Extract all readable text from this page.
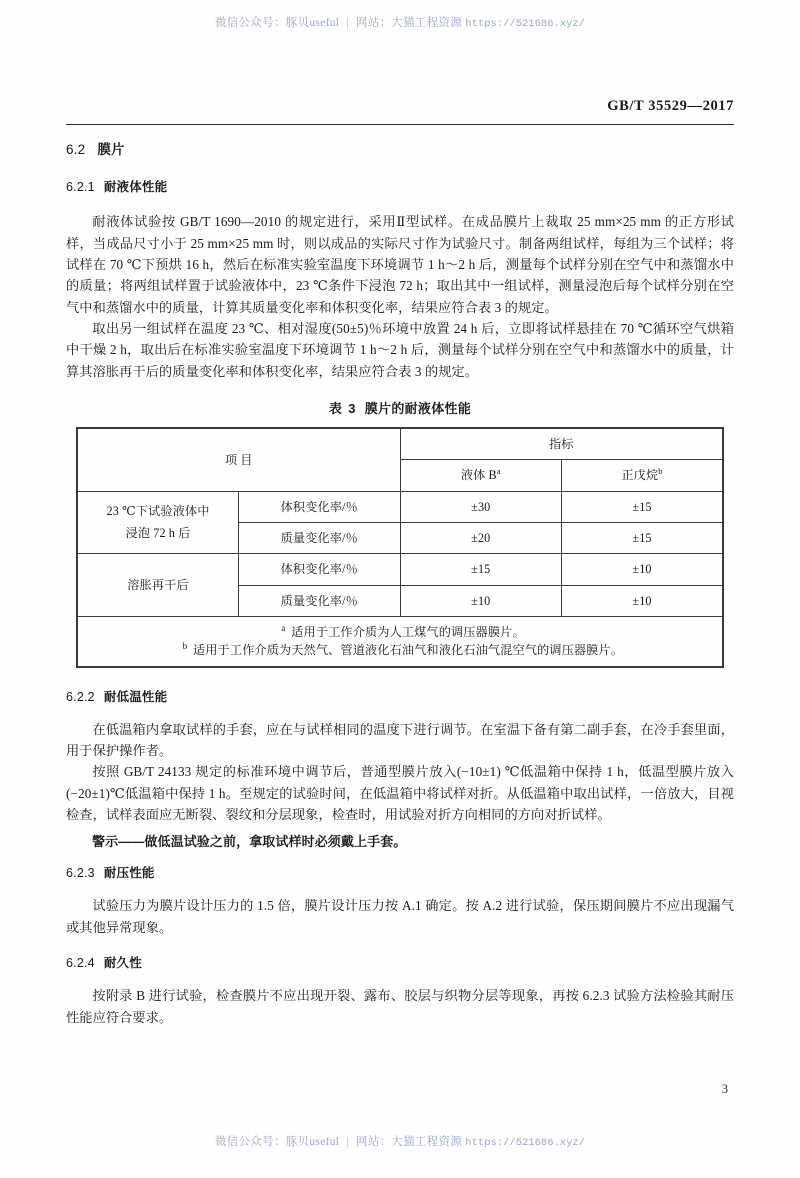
微信公众号：豚贝useful | 网站：大猫工程资源 https://521686.xyz/
GB/T 35529—2017
6.2 膜片
6.2.1 耐液体性能

耐液体试验按 GB/T 1690—2010 的规定进行，采用Ⅱ型试样。在成品膜片上裁取 25 mm×25 mm 的正方形试样，当成品尺寸小于 25 mm×25 mm 时，则以成品的实际尺寸作为试验尺寸。制备两组试样，每组为三个试样；将试样在 70 ℃下预烘 16 h，然后在标准实验室温度下环境调节 1 h～2 h 后，测量每个试样分别在空气中和蒸馏水中的质量；将两组试样置于试验液体中，23 ℃条件下浸泡 72 h；取出其中一组试样，测量浸泡后每个试样分别在空气中和蒸馏水中的质量，计算其质量变化率和体积变化率，结果应符合表 3 的规定。

取出另一组试样在温度 23 ℃、相对湿度(50±5)％环境中放置 24 h 后，立即将试样悬挂在 70 ℃循环空气烘箱中干燥 2 h，取出后在标准实验室温度下环境调节 1 h～2 h 后，测量每个试样分别在空气中和蒸馏水中的质量，计算其溶胀再干后的质量变化率和体积变化率，结果应符合表 3 的规定。

表 3 膜片的耐液体性能
项 目		指标	
		液体 $B^a$	正戊烷$^b$
23 ℃下试验液体中
浸泡 72 h 后	体积变化率/％	±30	±15
	质量变化率/％	±20	±15
溶胀再干后	体积变化率/％	±15	±10
	质量变化率/％	±10	±10

a 适用于工作介质为人工煤气的调压器膜片。
b 适用于工作介质为天然气、管道液化石油气和液化石油气混空气的调压器膜片。			
6.2.2 耐低温性能

在低温箱内拿取试样的手套，应在与试样相同的温度下进行调节。在室温下备有第二副手套，在冷手套里面，用于保护操作者。

按照 GB/T 24133 规定的标准环境中调节后，普通型膜片放入(−10±1) ℃低温箱中保持 1 h，低温型膜片放入(−20±1)℃低温箱中保持 1 h。至规定的试验时间，在低温箱中将试样对折。从低温箱中取出试样，一倍放大，目视检查，试样表面应无断裂、裂纹和分层现象，检查时，用试验对折方向相同的方向对折试样。

警示——做低温试验之前，拿取试样时必须戴上手套。

6.2.3 耐压性能

试验压力为膜片设计压力的 1.5 倍，膜片设计压力按 A.1 确定。按 A.2 进行试验，保压期间膜片不应出现漏气或其他异常现象。

6.2.4 耐久性

按附录 B 进行试验，检查膜片不应出现开裂、露布、胶层与织物分层等现象，再按 6.2.3 试验方法检验其耐压性能应符合要求。

3
微信公众号：豚贝useful | 网站：大猫工程资源 https://521686.xyz/
